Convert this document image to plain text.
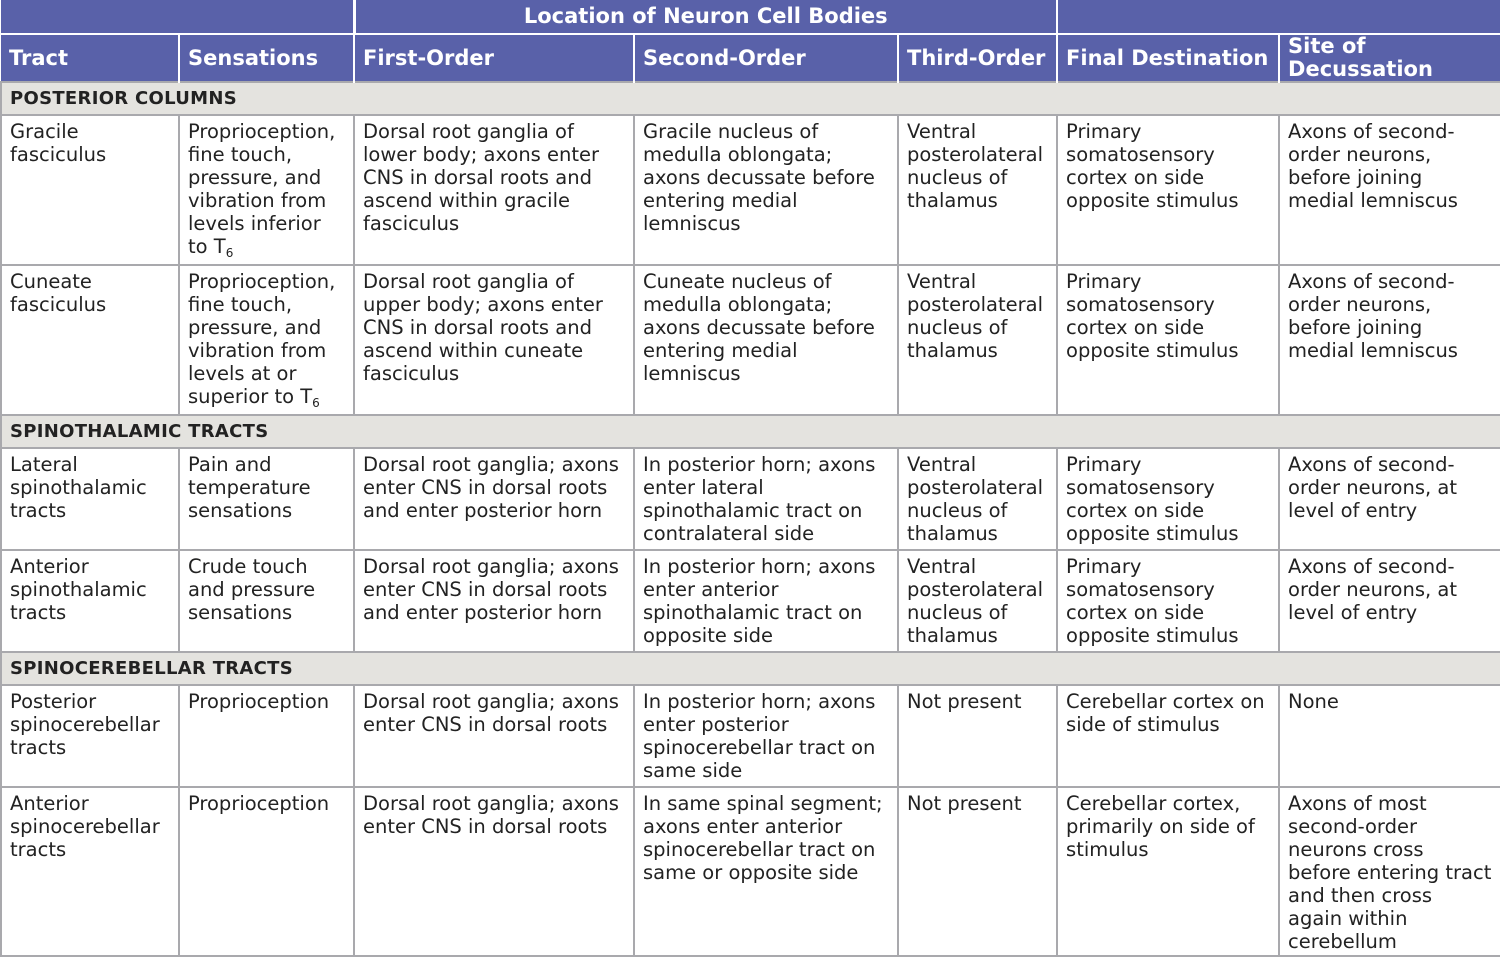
		Location of Neuron Cell Bodies				
Tract	Sensations	First-Order	Second-Order	Third-Order	Final Destination	Site of Decussation
POSTERIOR COLUMNS						
Gracile fasciculus	Proprioception, fine touch, pressure, and vibration from levels inferior to $T_6$	Dorsal root ganglia of lower body; axons enter CNS in dorsal roots and ascend within gracile fasciculus	Gracile nucleus of medulla oblongata; axons decussate before entering medial lemniscus	Ventral posterolateral nucleus of thalamus	Primary somatosensory cortex on side opposite stimulus	Axons of second-order neurons, before joining medial lemniscus
Cuneate fasciculus	Proprioception, fine touch, pressure, and vibration from levels at or superior to $T_6$	Dorsal root ganglia of upper body; axons enter CNS in dorsal roots and ascend within cuneate fasciculus	Cuneate nucleus of medulla oblongata; axons decussate before entering medial lemniscus	Ventral posterolateral nucleus of thalamus	Primary somatosensory cortex on side opposite stimulus	Axons of second-order neurons, before joining medial lemniscus
SPINOTHALAMIC TRACTS						
Lateral spinothalamic tracts	Pain and temperature sensations	Dorsal root ganglia; axons enter CNS in dorsal roots and enter posterior horn	In posterior horn; axons enter lateral spinothalamic tract on contralateral side	Ventral posterolateral nucleus of thalamus	Primary somatosensory cortex on side opposite stimulus	Axons of second-order neurons, at level of entry
Anterior spinothalamic tracts	Crude touch and pressure sensations	Dorsal root ganglia; axons enter CNS in dorsal roots and enter posterior horn	In posterior horn; axons enter anterior spinothalamic tract on opposite side	Ventral posterolateral nucleus of thalamus	Primary somatosensory cortex on side opposite stimulus	Axons of second-order neurons, at level of entry
SPINOCEREBELLAR TRACTS						
Posterior spinocerebellar tracts	Proprioception	Dorsal root ganglia; axons enter CNS in dorsal roots	In posterior horn; axons enter posterior spinocerebellar tract on same side	Not present	Cerebellar cortex on side of stimulus	None
Anterior spinocerebellar tracts	Proprioception	Dorsal root ganglia; axons enter CNS in dorsal roots	In same spinal segment; axons enter anterior spinocerebellar tract on same or opposite side	Not present	Cerebellar cortex, primarily on side of stimulus	Axons of most second-order neurons cross before entering tract and then cross again within cerebellum
